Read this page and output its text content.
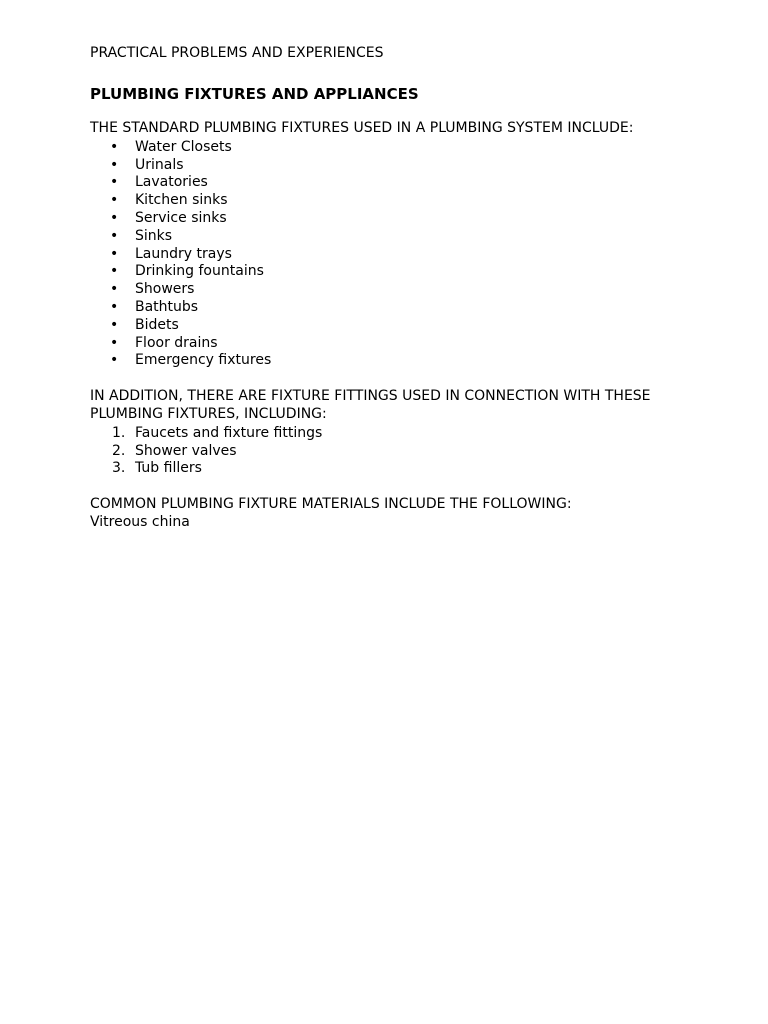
PRACTICAL PROBLEMS AND EXPERIENCES

PLUMBING FIXTURES AND APPLIANCES

THE STANDARD PLUMBING FIXTURES USED IN A PLUMBING SYSTEM INCLUDE:

• Water Closets
• Urinals
• Lavatories
• Kitchen sinks
• Service sinks
• Sinks
• Laundry trays
• Drinking fountains
• Showers
• Bathtubs
• Bidets
• Floor drains
• Emergency fixtures

IN ADDITION, THERE ARE FIXTURE FITTINGS USED IN CONNECTION WITH THESE PLUMBING FIXTURES, INCLUDING:

1. Faucets and fixture fittings
2. Shower valves
3. Tub fillers

COMMON PLUMBING FIXTURE MATERIALS INCLUDE THE FOLLOWING:

Vitreous china
